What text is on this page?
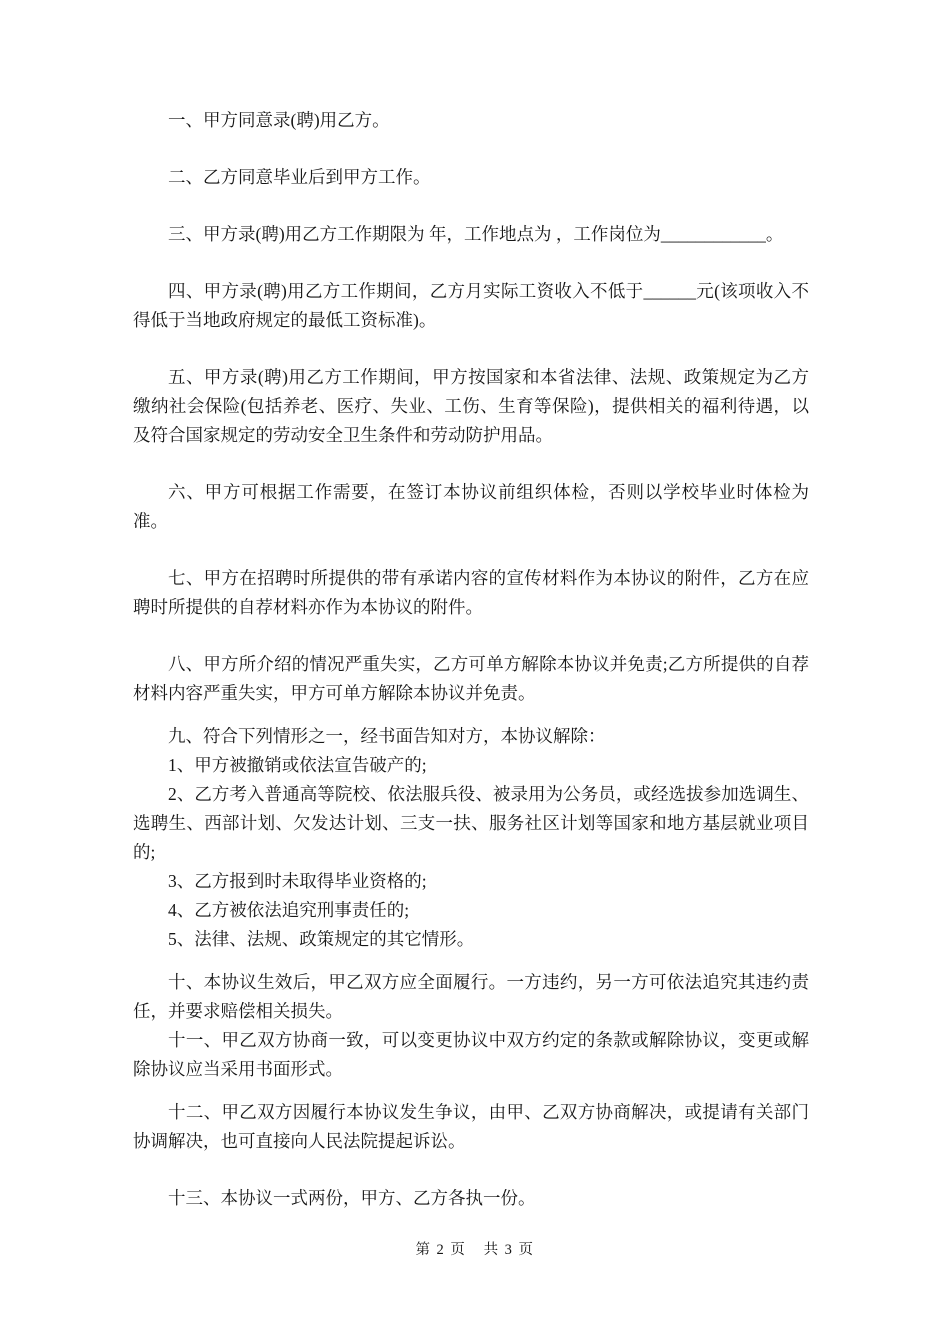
一、甲方同意录(聘)用乙方。

二、乙方同意毕业后到甲方工作。

三、甲方录(聘)用乙方工作期限为 年，工作地点为 ，工作岗位为____________。

四、甲方录(聘)用乙方工作期间，乙方月实际工资收入不低于______元(该项收入不得低于当地政府规定的最低工资标准)。

五、甲方录(聘)用乙方工作期间，甲方按国家和本省法律、法规、政策规定为乙方缴纳社会保险(包括养老、医疗、失业、工伤、生育等保险)，提供相关的福利待遇，以及符合国家规定的劳动安全卫生条件和劳动防护用品。

六、甲方可根据工作需要，在签订本协议前组织体检，否则以学校毕业时体检为准。

七、甲方在招聘时所提供的带有承诺内容的宣传材料作为本协议的附件，乙方在应聘时所提供的自荐材料亦作为本协议的附件。

八、甲方所介绍的情况严重失实，乙方可单方解除本协议并免责;乙方所提供的自荐材料内容严重失实，甲方可单方解除本协议并免责。

九、符合下列情形之一，经书面告知对方，本协议解除：

1、甲方被撤销或依法宣告破产的;

2、乙方考入普通高等院校、依法服兵役、被录用为公务员，或经选拔参加选调生、选聘生、西部计划、欠发达计划、三支一扶、服务社区计划等国家和地方基层就业项目的;

3、乙方报到时未取得毕业资格的;

4、乙方被依法追究刑事责任的;

5、法律、法规、政策规定的其它情形。

十、本协议生效后，甲乙双方应全面履行。一方违约，另一方可依法追究其违约责任，并要求赔偿相关损失。

十一、甲乙双方协商一致，可以变更协议中双方约定的条款或解除协议，变更或解除协议应当采用书面形式。

十二、甲乙双方因履行本协议发生争议，由甲、乙双方协商解决，或提请有关部门协调解决，也可直接向人民法院提起诉讼。

十三、本协议一式两份，甲方、乙方各执一份。

第 2 页 共 3 页
